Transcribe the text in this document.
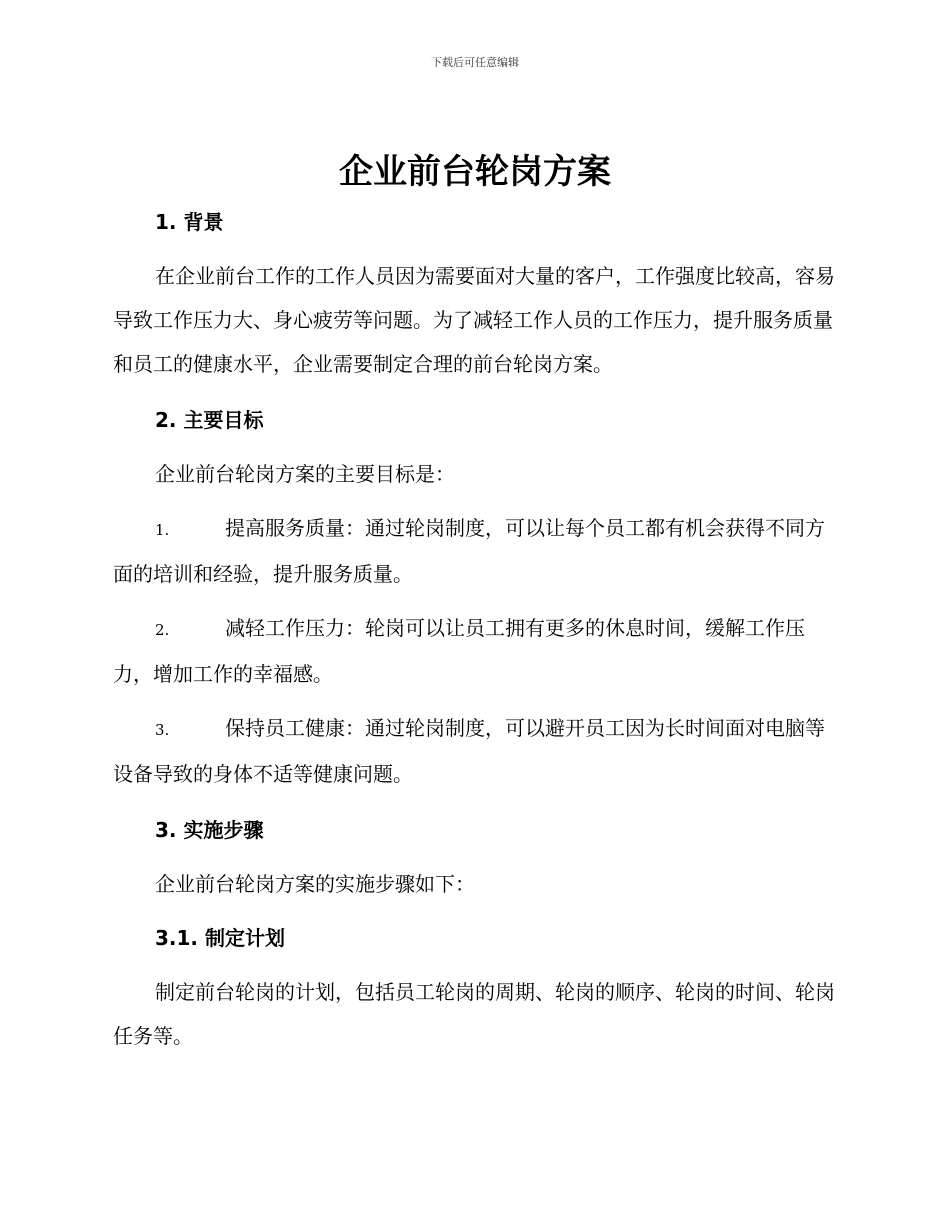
下载后可任意编辑
企业前台轮岗方案
1. 背景

在企业前台工作的工作人员因为需要面对大量的客户，工作强度比较高，容易导致工作压力大、身心疲劳等问题。为了减轻工作人员的工作压力，提升服务质量和员工的健康水平，企业需要制定合理的前台轮岗方案。

2. 主要目标

企业前台轮岗方案的主要目标是：

1.	提高服务质量：通过轮岗制度，可以让每个员工都有机会获得不同方面的培训和经验，提升服务质量。

2.	减轻工作压力：轮岗可以让员工拥有更多的休息时间，缓解工作压力，增加工作的幸福感。

3.	保持员工健康：通过轮岗制度，可以避开员工因为长时间面对电脑等设备导致的身体不适等健康问题。

3. 实施步骤

企业前台轮岗方案的实施步骤如下：

3.1. 制定计划

制定前台轮岗的计划，包括员工轮岗的周期、轮岗的顺序、轮岗的时间、轮岗任务等。
